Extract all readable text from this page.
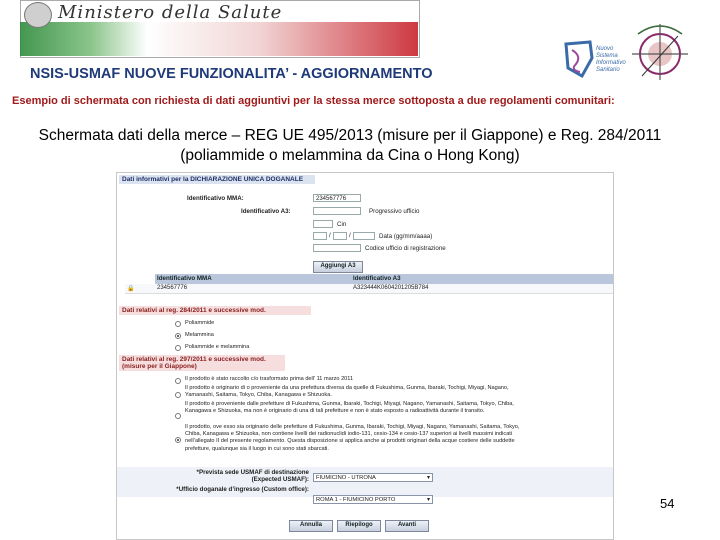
Ministero della Salute
Nuovo
Sistema
Informativo
Sanitario
NSIS-USMAF NUOVE FUNZIONALITA’ - AGGIORNAMENTO
Esempio di schermata con richiesta di dati aggiuntivi per la stessa merce sottoposta a due regolamenti comunitari:
Schermata dati della merce – REG UE 495/2013 (misure per il Giappone) e Reg. 284/2011 (poliammide o melammina da Cina o Hong Kong)
Dati informativi per la DICHIARAZIONE UNICA DOGANALE
Identificativo MMA:	234567776
Identificativo A3:	Progressivo ufficio
Cin
/	/	Data (gg/mm/aaaa)
Codice ufficio di registrazione
Aggiungi A3
Identificativo MMA	Identificativo A3
🔒	234567776	A323444K0604201205B784
Dati relativi al reg. 284/2011 e successive mod.
Poliammide
Melammina
Poliammide e melammina
Dati relativi al reg. 297/2011 e successive mod. (misure per il Giappone)
Il prodotto è stato raccolto c/o trasformato prima dell’ 11 marzo 2011
Il prodotto è originario di o proveniente da una prefettura diversa da quelle di Fukushima, Gunma, Ibaraki, Tochigi, Miyagi, Nagano, Yamanashi, Saitama, Tokyo, Chiba, Kanagawa e Shizuoka.
Il prodotto è proveniente dalle prefetture di Fukushima, Gunma, Ibaraki, Tochigi, Miyagi, Nagano, Yamanashi, Saitama, Tokyo, Chiba, Kanagawa e Shizuoka, ma non è originario di una di tali prefetture e non è stato esposto a radioattività durante il transito.
Il prodotto, ove esso sia originario delle prefetture di Fukushima, Gunma, Ibaraki, Tochigi, Miyagi, Nagano, Yamanashi, Saitama, Tokyo, Chiba, Kanagawa e Shizuoka, non contiene livelli dei radionuclidi iodio-131, cesio-134 e cesio-137 superiori ai livelli massimi indicati nell’allegato II del presente regolamento. Questa disposizione si applica anche ai prodotti originari della acque costiere delle suddette prefetture, qualunque sia il luogo in cui sono stati sbarcati.
*Prevista sede USMAF di destinazione (Expected USMAF):	FIUMICINO - UTRONA ▾
*Ufficio doganale d’ingresso (Custom office):
ROMA 1 - FIUMICINO PORTO ▾
Annulla	Riepilogo	Avanti
54
